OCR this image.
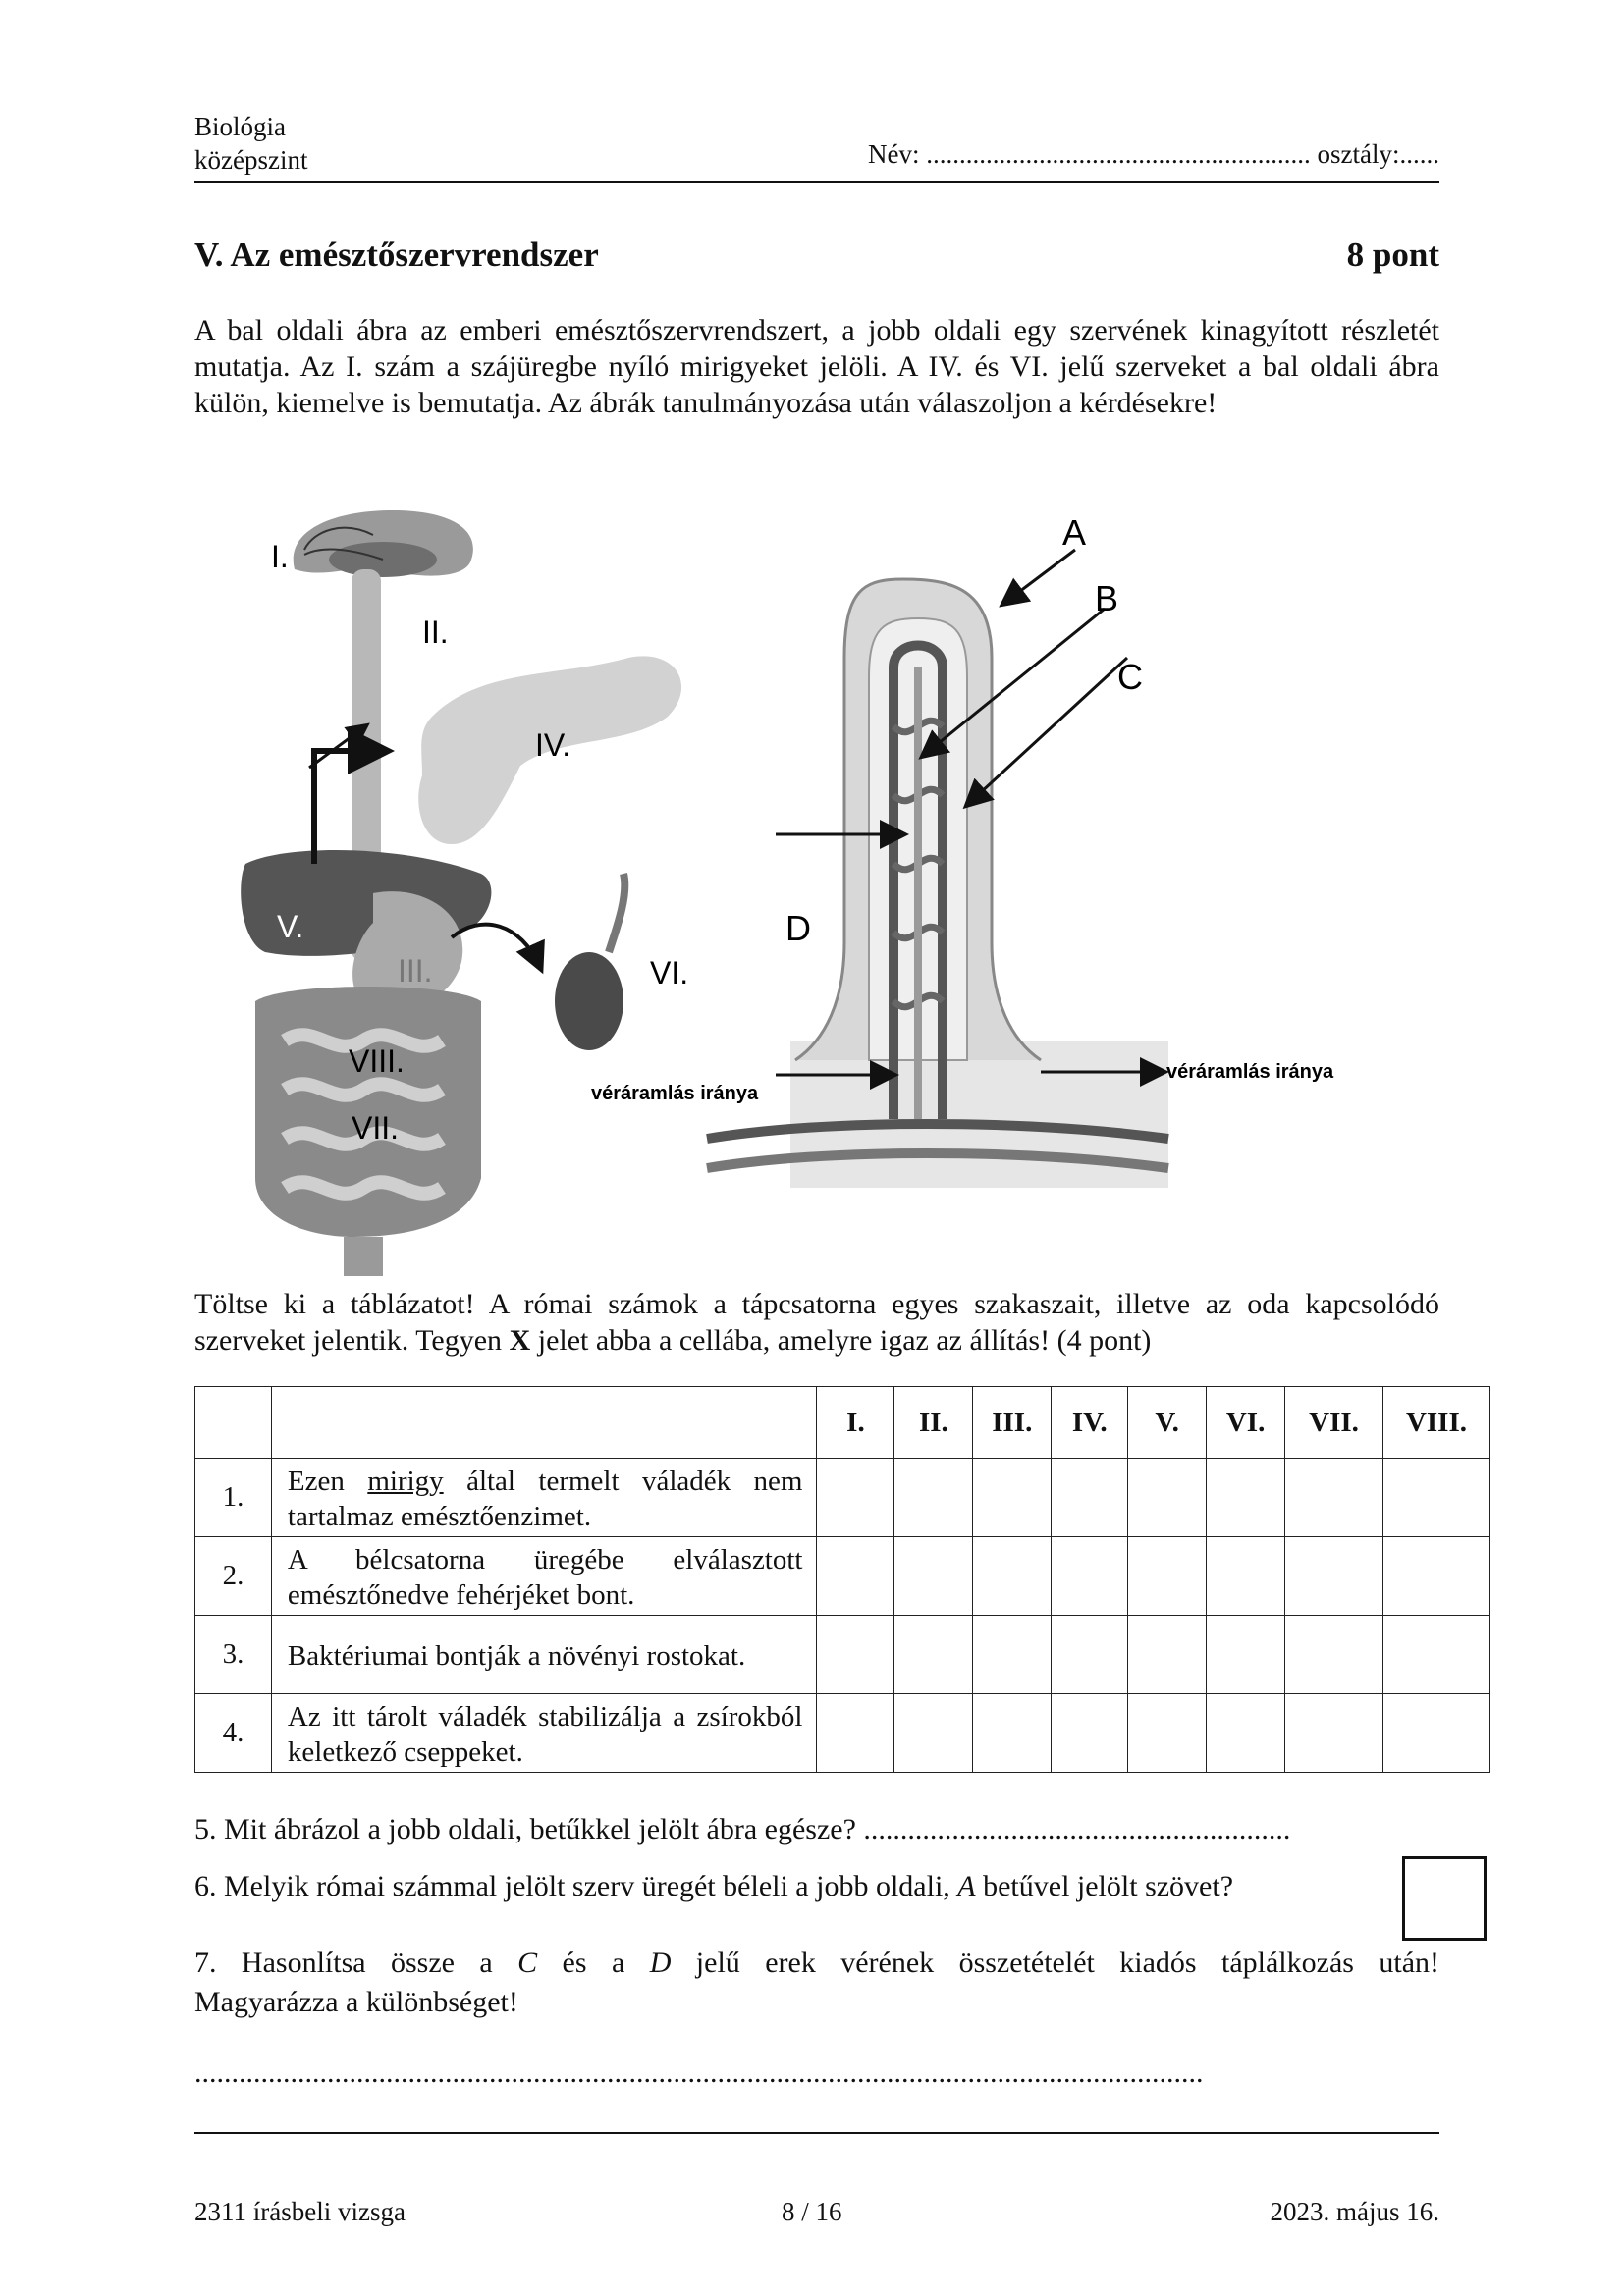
Biológia
középszint	Név: .......................................................... osztály:......
V. Az emésztőszervrendszer	8 pont
A bal oldali ábra az emberi emésztőszervrendszert, a jobb oldali egy szervének kinagyított részletét mutatja. Az I. szám a szájüregbe nyíló mirigyeket jelöli. A IV. és VI. jelű szerveket a bal oldali ábra külön, kiemelve is bemutatja. Az ábrák tanulmányozása után válaszoljon a kérdésekre!
I.
II.
III.
IV.
V.
VI.
VII.
VIII.
A
B
C
D
véráramlás iránya
véráramlás iránya
Töltse ki a táblázatot! A római számok a tápcsatorna egyes szakaszait, illetve az oda kapcsolódó szerveket jelentik. Tegyen X jelet abba a cellába, amelyre igaz az állítás! (4 pont)
		I.	II.	III.	IV.	V.	VI.	VII.	VIII.
1.	Ezen mirigy által termelt váladék nem tartalmaz emésztőenzimet.								
2.	A bélcsatorna üregébe elválasztott emésztőnedve fehérjéket bont.								
3.	Baktériumai bontják a növényi rostokat.								
4.	Az itt tárolt váladék stabilizálja a zsírokból keletkező cseppeket.								
5. Mit ábrázol a jobb oldali, betűkkel jelölt ábra egésze? ..........................................................
6. Melyik római számmal jelölt szerv üregét béleli a jobb oldali, A betűvel jelölt szövet?
7. Hasonlítsa össze a C és a D jelű erek vérének összetételét kiadós táplálkozás után!
Magyarázza a különbséget!
.........................................................................................................................................
2311 írásbeli vizsga	8 / 16	2023. május 16.
